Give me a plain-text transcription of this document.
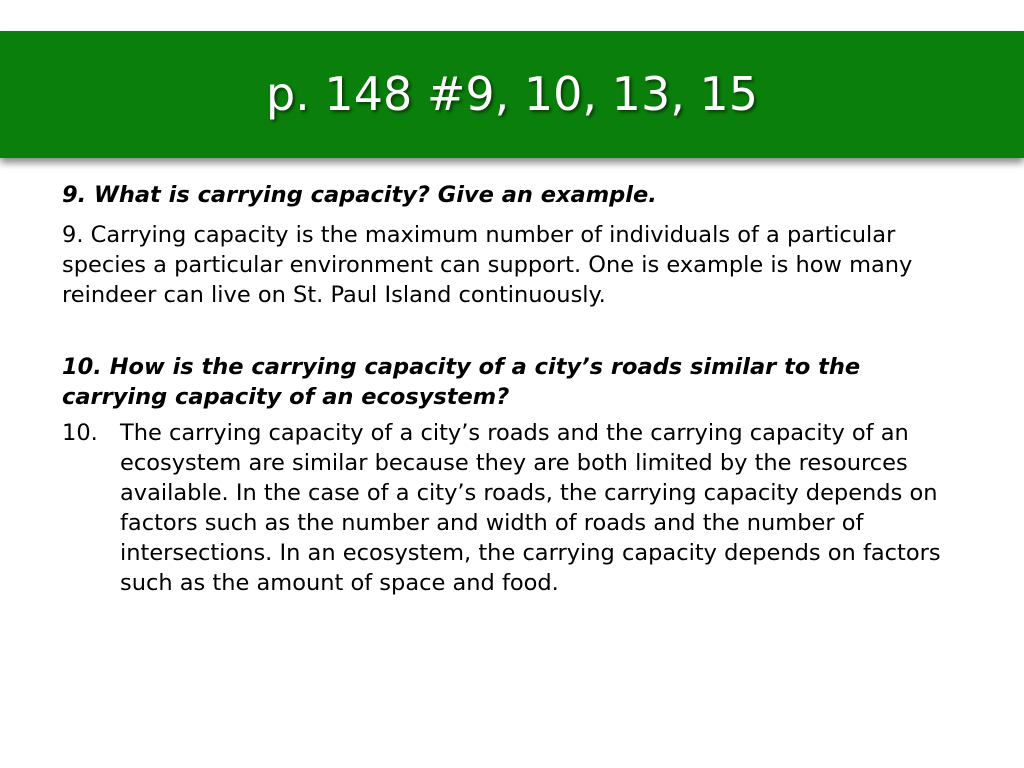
p. 148 #9, 10, 13, 15

9. What is carrying capacity? Give an example.

9. Carrying capacity is the maximum number of individuals of a particular species a particular environment can support. One is example is how many reindeer can live on St. Paul Island continuously.

10. How is the carrying capacity of a city’s roads similar to the carrying capacity of an ecosystem?

10. The carrying capacity of a city’s roads and the carrying capacity of an ecosystem are similar because they are both limited by the resources available. In the case of a city’s roads, the carrying capacity depends on factors such as the number and width of roads and the number of intersections. In an ecosystem, the carrying capacity depends on factors such as the amount of space and food.
